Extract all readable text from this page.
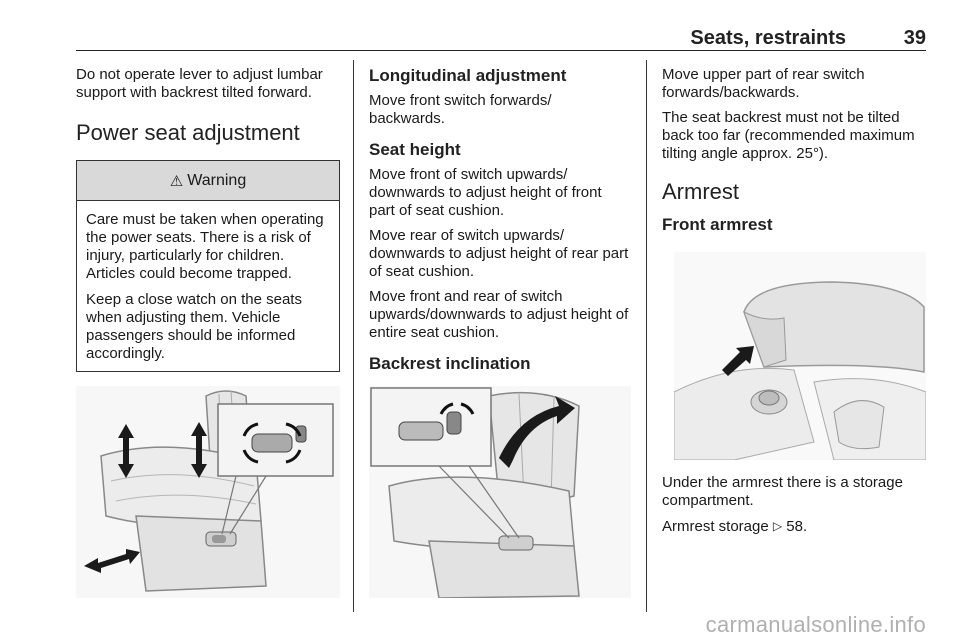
Seats, restraints	39

Do not operate lever to adjust lumbar support with backrest tilted forward.

Power seat adjustment
⚠ Warning

Care must be taken when operating the power seats. There is a risk of injury, particularly for children. Articles could become trapped.

Keep a close watch on the seats when adjusting them. Vehicle passengers should be informed accordingly.

Longitudinal adjustment

Move front switch forwards/ backwards.

Seat height

Move front of switch upwards/ downwards to adjust height of front part of seat cushion.

Move rear of switch upwards/ downwards to adjust height of rear part of seat cushion.

Move front and rear of switch upwards/downwards to adjust height of entire seat cushion.

Backrest inclination

Move upper part of rear switch forwards/backwards.

The seat backrest must not be tilted back too far (recommended maximum tilting angle approx. 25°).

Armrest
Front armrest

Under the armrest there is a storage compartment.

Armrest storage ▷ 58.

carmanualsonline.info
